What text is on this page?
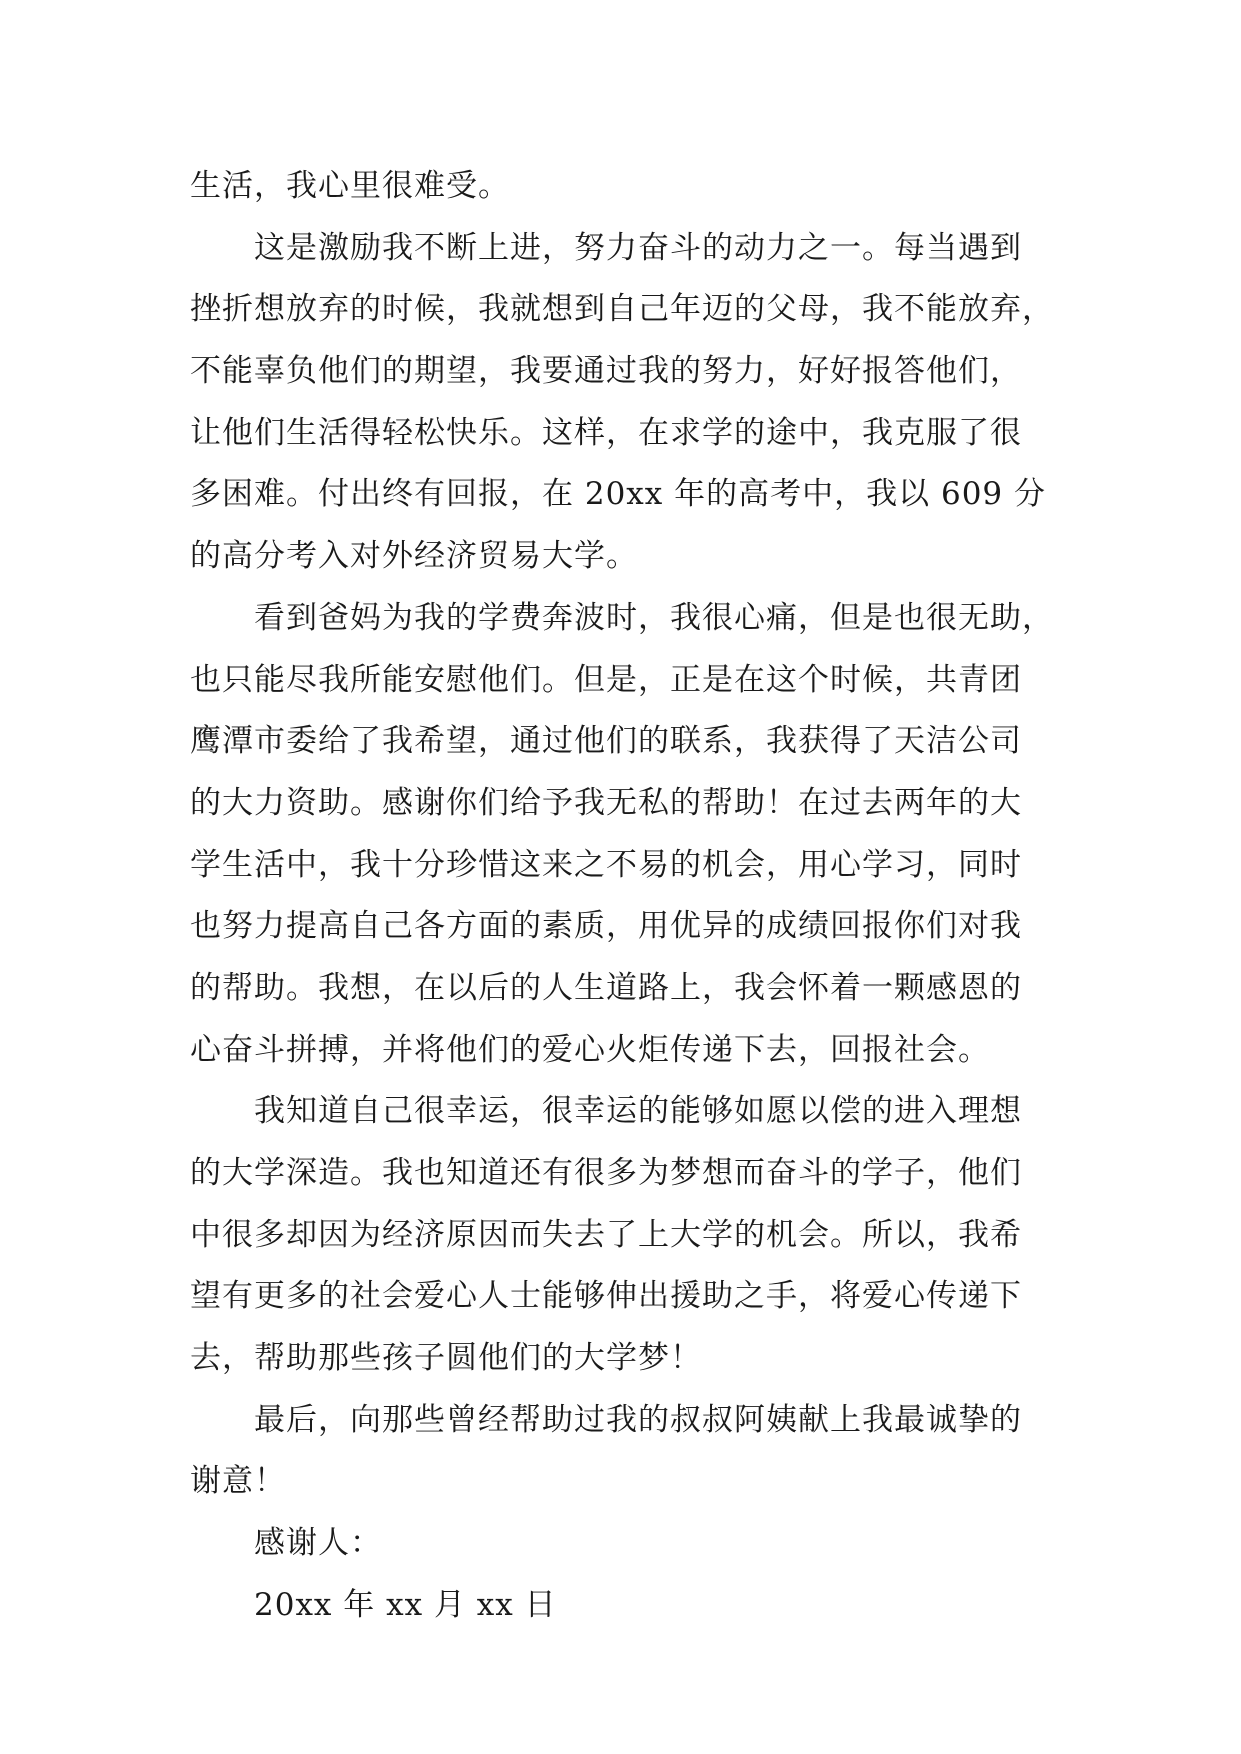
生活，我心里很难受。
这是激励我不断上进，努力奋斗的动力之一。每当遇到
挫折想放弃的时候，我就想到自己年迈的父母，我不能放弃，
不能辜负他们的期望，我要通过我的努力，好好报答他们，
让他们生活得轻松快乐。这样，在求学的途中，我克服了很
多困难。付出终有回报，在 20xx 年的高考中，我以 609 分
的高分考入对外经济贸易大学。
看到爸妈为我的学费奔波时，我很心痛，但是也很无助，
也只能尽我所能安慰他们。但是，正是在这个时候，共青团
鹰潭市委给了我希望，通过他们的联系，我获得了天洁公司
的大力资助。感谢你们给予我无私的帮助！在过去两年的大
学生活中，我十分珍惜这来之不易的机会，用心学习，同时
也努力提高自己各方面的素质，用优异的成绩回报你们对我
的帮助。我想，在以后的人生道路上，我会怀着一颗感恩的
心奋斗拼搏，并将他们的爱心火炬传递下去，回报社会。
我知道自己很幸运，很幸运的能够如愿以偿的进入理想
的大学深造。我也知道还有很多为梦想而奋斗的学子，他们
中很多却因为经济原因而失去了上大学的机会。所以，我希
望有更多的社会爱心人士能够伸出援助之手，将爱心传递下
去，帮助那些孩子圆他们的大学梦！
最后，向那些曾经帮助过我的叔叔阿姨献上我最诚挚的
谢意！
感谢人：
20xx 年 xx 月 xx 日
